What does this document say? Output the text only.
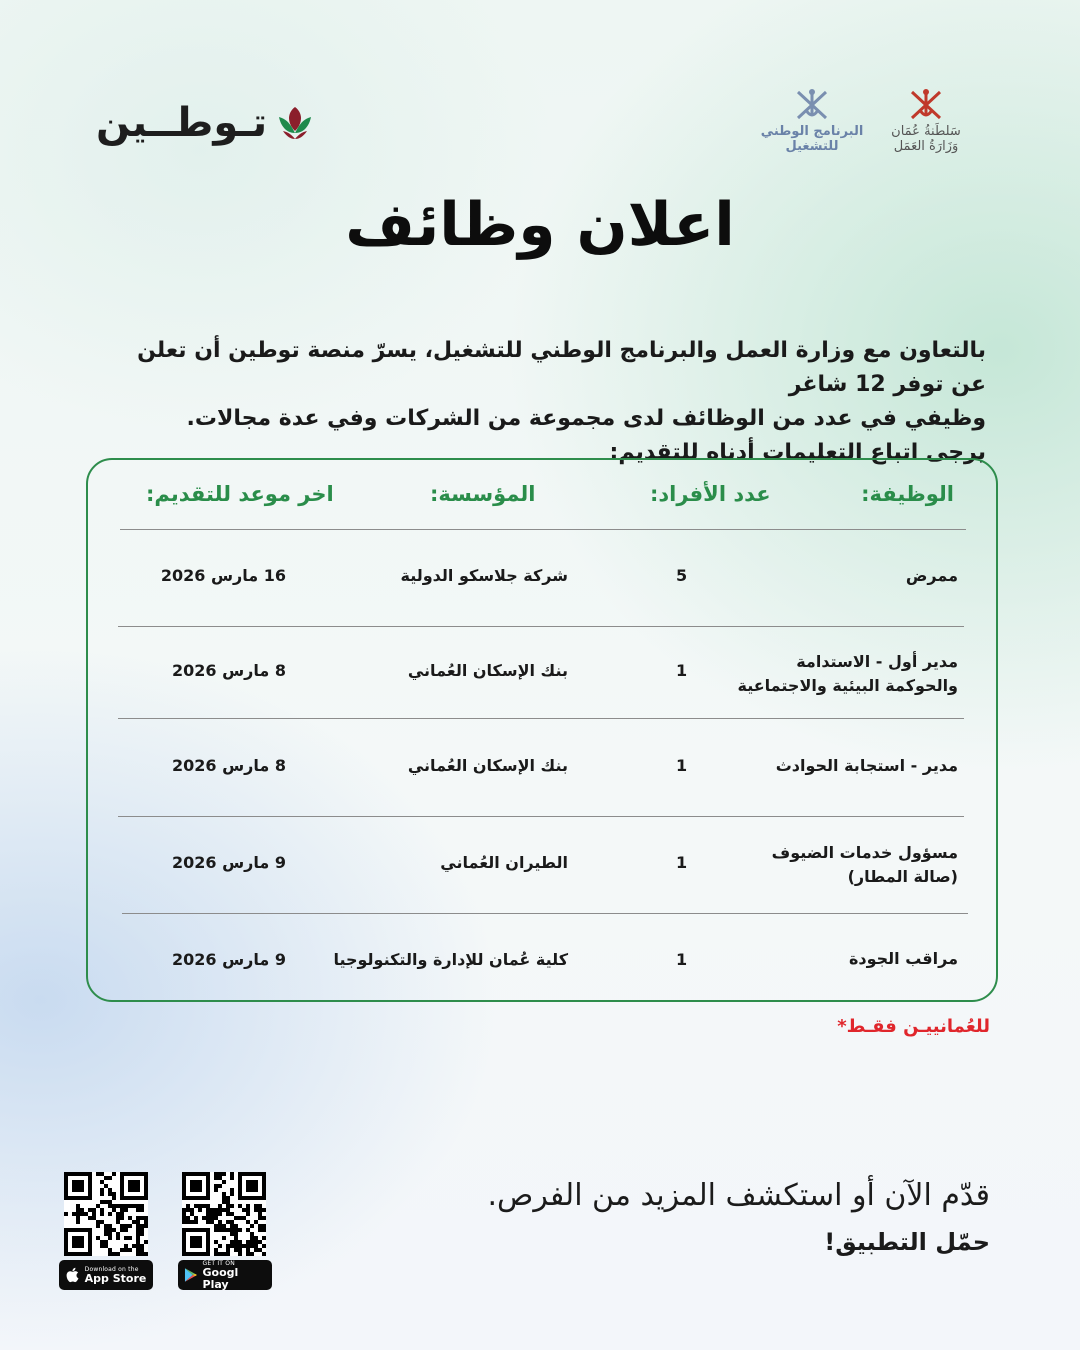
تـوطــين	البرنامج الوطني
للتشغيل
سَلطَنةُ عُمَان
وَزَارَةُ العَمَل
اعلان وظائف

بالتعاون مع وزارة العمل والبرنامج الوطني للتشغيل، يسرّ منصة توطين أن تعلن عن توفر 12 شاغر

وظيفي في عدد من الوظائف لدى مجموعة من الشركات وفي عدة مجالات.

يرجى اتباع التعليمات أدناه للتقديم:

الوظيفة:
عدد الأفراد:
المؤسسة:
اخر موعد للتقديم:
ممرض
5
شركة جلاسكو الدولية
16 مارس 2026
مدير أول - الاستدامة
والحوكمة البيئية والاجتماعية
1
بنك الإسكان العُماني
8 مارس 2026
مدير - استجابة الحوادث
1
بنك الإسكان العُماني
8 مارس 2026
مسؤول خدمات الضيوف
(صالة المطار)
1
الطيران العُماني
9 مارس 2026
مراقب الجودة
1
كلية عُمان للإدارة والتكنولوجيا
9 مارس 2026
للعُمانييـن فقـط*
قدّم الآن أو استكشف المزيد من الفرص.
حمّل التطبيق!
Download on the
App Store
GET IT ON
Googl Play
